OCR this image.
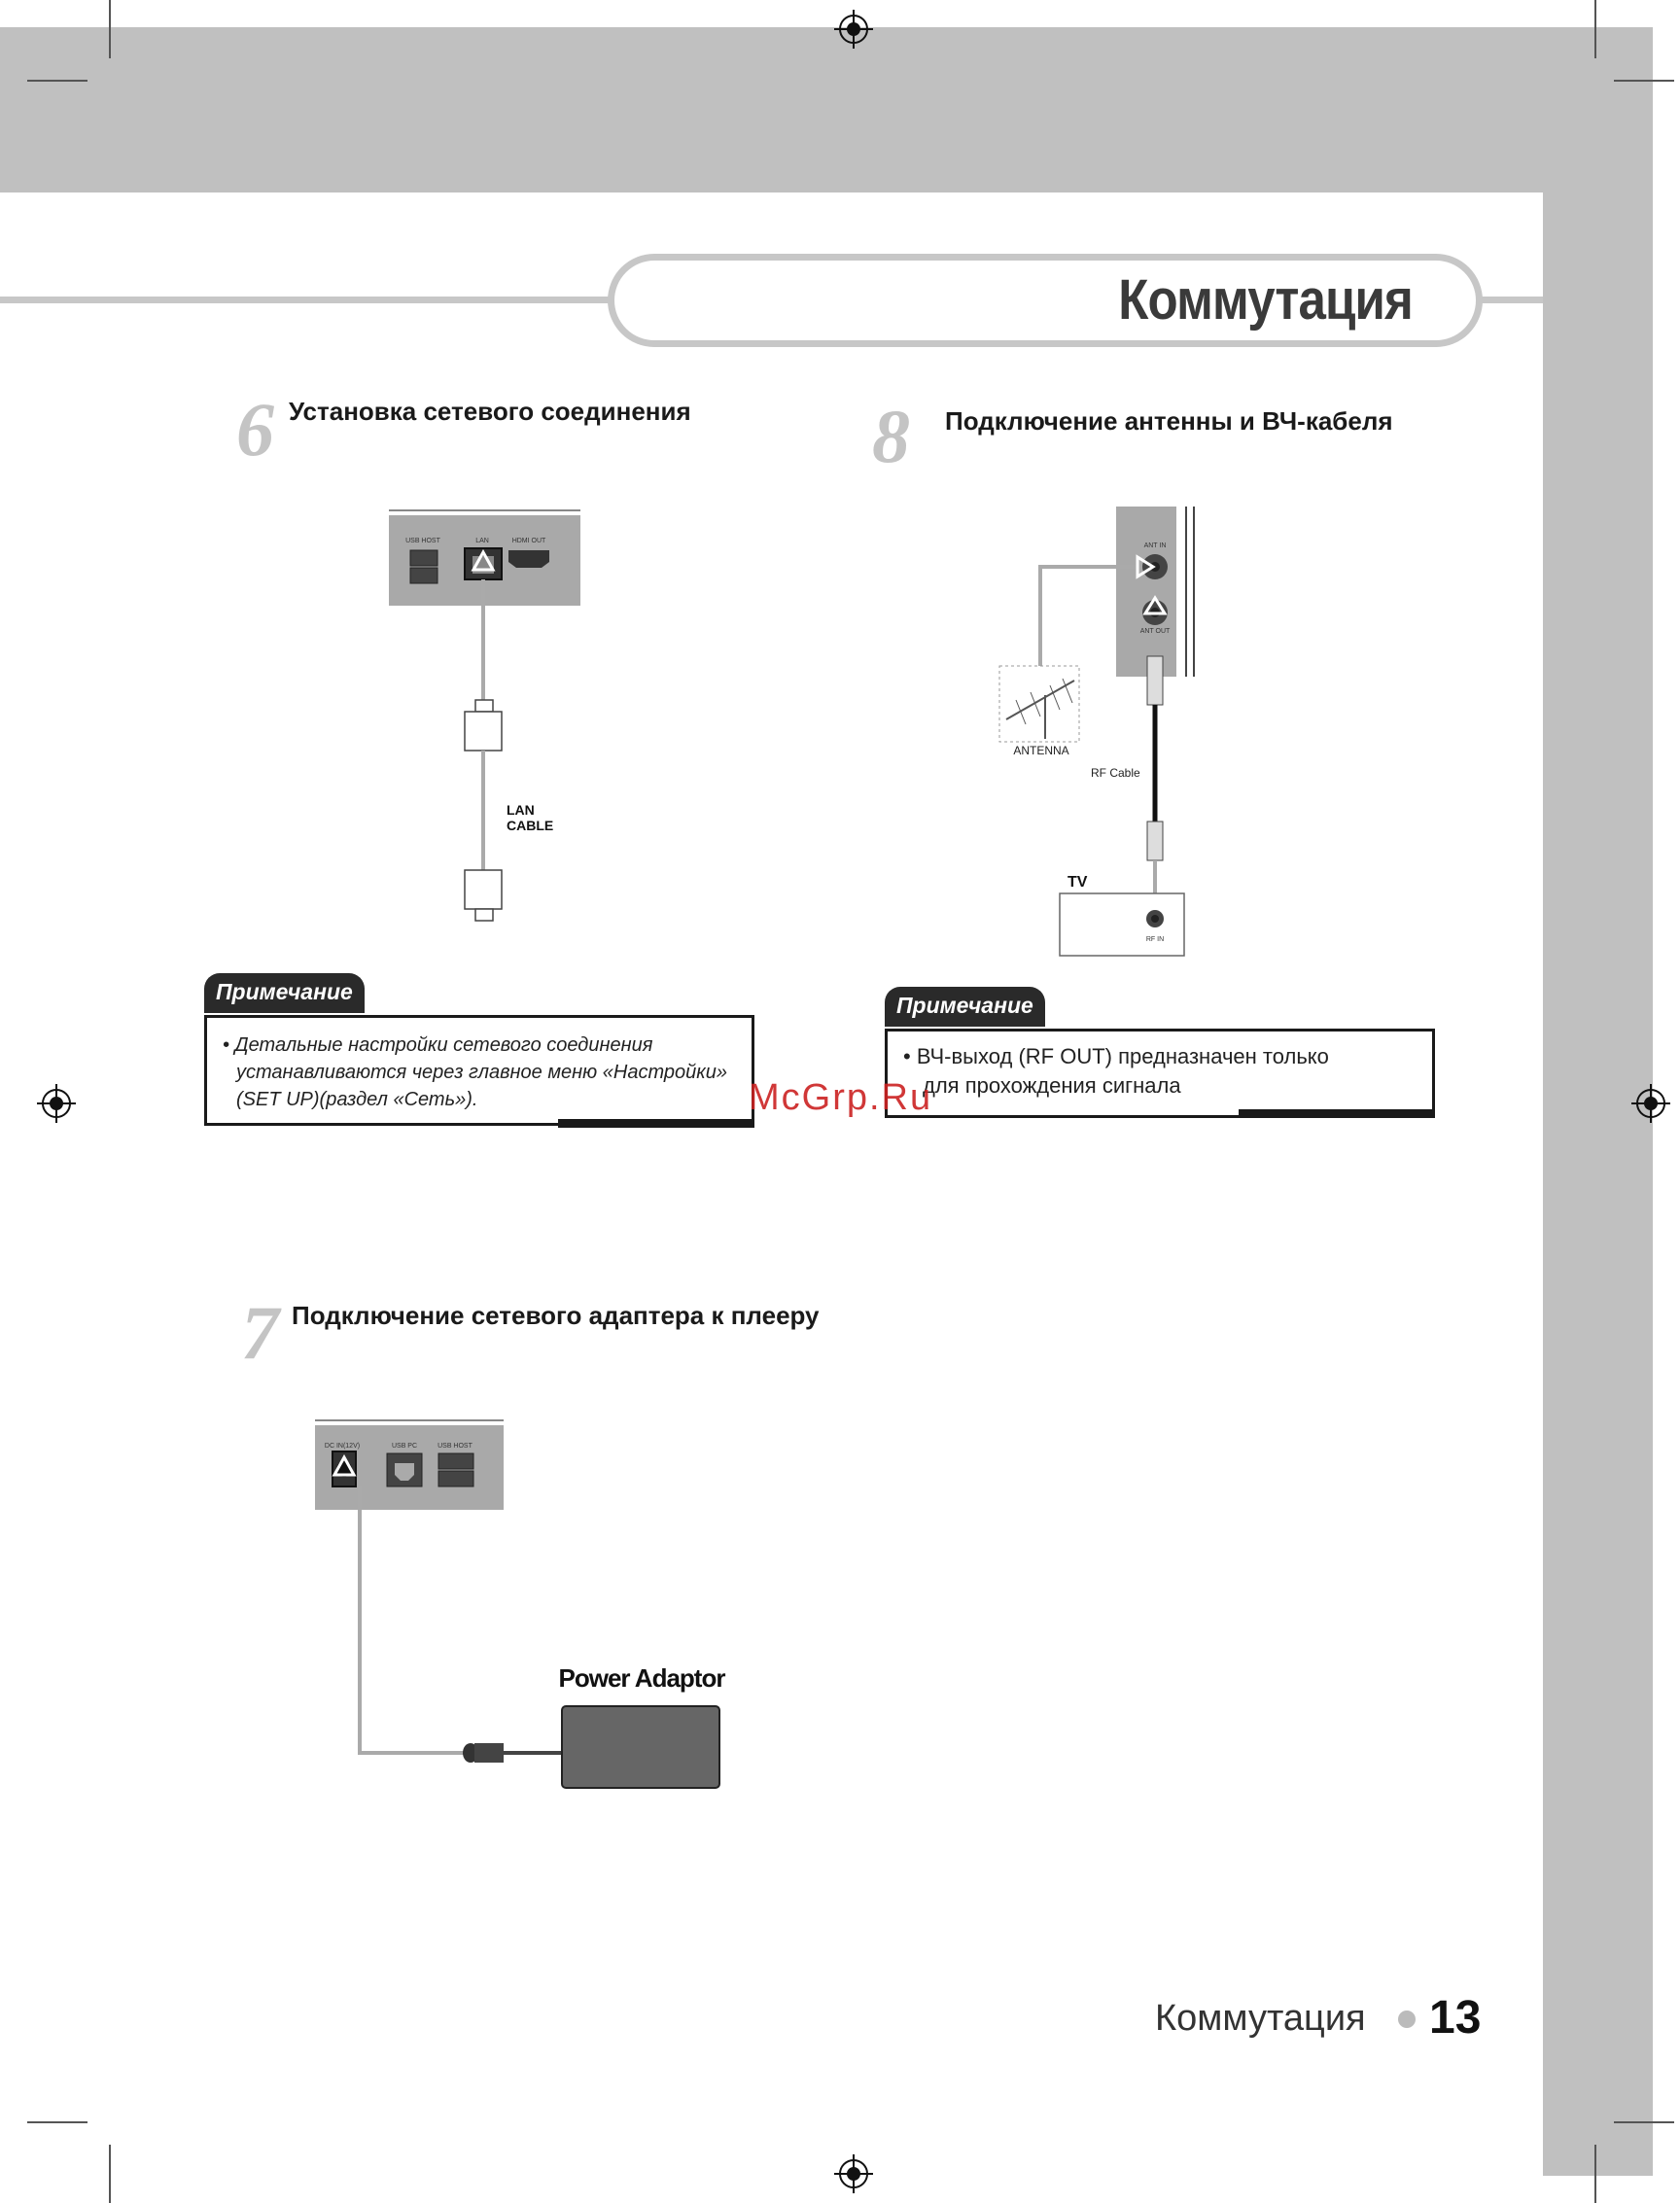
Коммутация
6 Установка сетевого соединения
USB HOST	LAN	HDMI OUT
LAN
CABLE
Примечание
• Детальные настройки сетевого соединения
устанавливаются через главное меню «Настройки»
(SET UP)(раздел «Сеть»).
8 Подключение антенны и ВЧ-кабеля
ANT IN
ANT OUT
ANTENNA
RF Cable
TV
RF IN
Примечание
• ВЧ-выход (RF OUT) предназначен только
для прохождения сигнала
McGrp.Ru
7 Подключение сетевого адаптера к плееру
DC IN(12V)	USB PC	USB HOST
Power Adaptor
Коммутация 13
